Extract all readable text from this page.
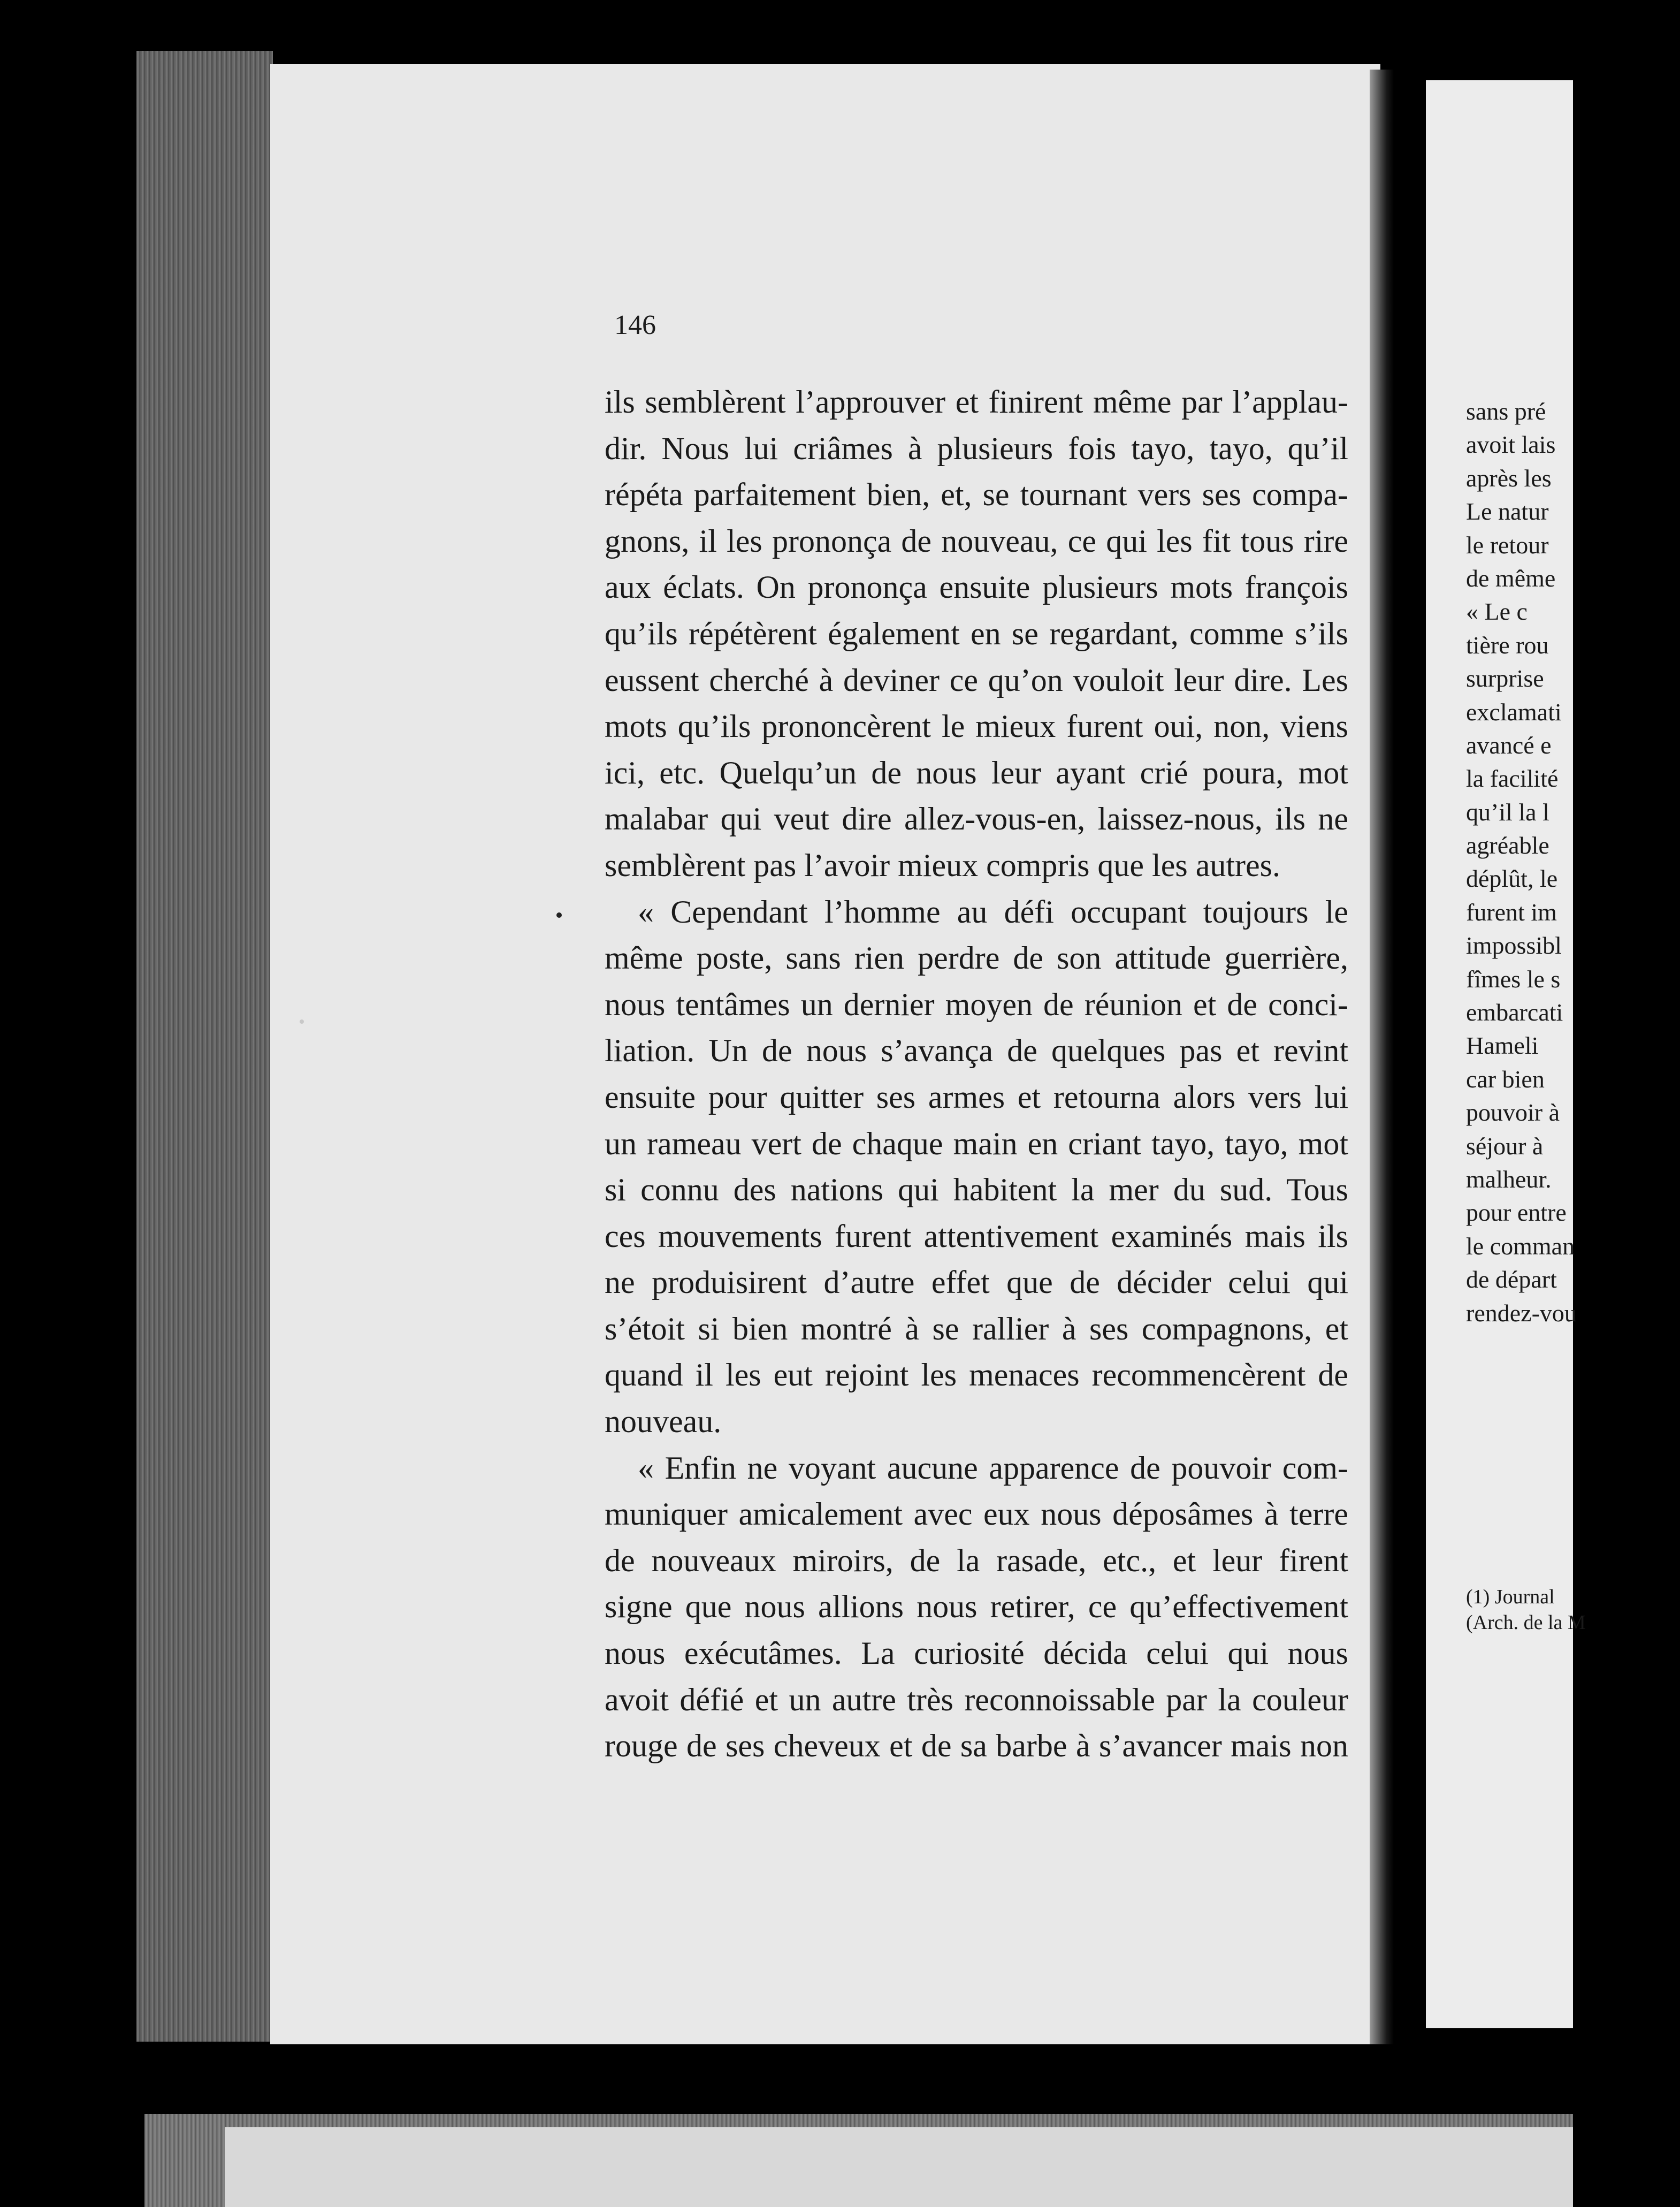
sans pré
avoit lais
après les
Le natur
le retour
de même
« Le c
tière rou
surprise
exclamati
avancé e
la facilité
qu’il la l
agréable
déplût, le
furent im
impossibl
fîmes le s
embarcati
Hameli
car bien
pouvoir à
séjour à
malheur.
pour entre
le comman
de départ
rendez-vou
(1) Journal
(Arch. de la M
146
ils semblèrent l’approuver et finirent même par l’applau-
dir. Nous lui criâmes à plusieurs fois tayo, tayo, qu’il
répéta parfaitement bien, et, se tournant vers ses compa-
gnons, il les prononça de nouveau, ce qui les fit tous rire
aux éclats. On prononça ensuite plusieurs mots françois
qu’ils répétèrent également en se regardant, comme s’ils
eussent cherché à deviner ce qu’on vouloit leur dire. Les
mots qu’ils prononcèrent le mieux furent oui, non, viens
ici, etc. Quelqu’un de nous leur ayant crié poura, mot
malabar qui veut dire allez-vous-en, laissez-nous, ils ne
semblèrent pas l’avoir mieux compris que les autres.
« Cependant l’homme au défi occupant toujours le
même poste, sans rien perdre de son attitude guerrière,
nous tentâmes un dernier moyen de réunion et de conci-
liation. Un de nous s’avança de quelques pas et revint
ensuite pour quitter ses armes et retourna alors vers lui
un rameau vert de chaque main en criant tayo, tayo, mot
si connu des nations qui habitent la mer du sud. Tous
ces mouvements furent attentivement examinés mais ils
ne produisirent d’autre effet que de décider celui qui
s’étoit si bien montré à se rallier à ses compagnons, et
quand il les eut rejoint les menaces recommencèrent de
nouveau.
« Enfin ne voyant aucune apparence de pouvoir com-
muniquer amicalement avec eux nous déposâmes à terre
de nouveaux miroirs, de la rasade, etc., et leur firent
signe que nous allions nous retirer, ce qu’effectivement
nous exécutâmes. La curiosité décida celui qui nous
avoit défié et un autre très reconnoissable par la couleur
rouge de ses cheveux et de sa barbe à s’avancer mais non
